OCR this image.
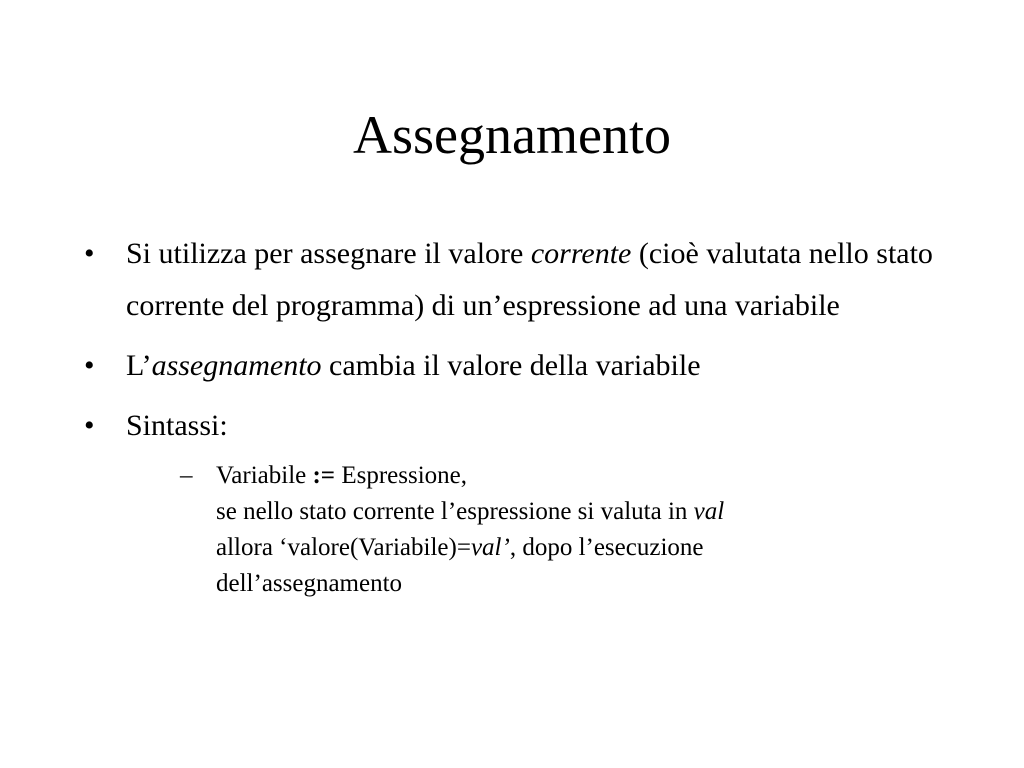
Assegnamento
•	Si utilizza per assegnare il valore corrente (cioè valutata nello stato corrente del programma) di un’espressione ad una variabile
•	L’assegnamento cambia il valore della variabile
•	Sintassi:
– Variabile := Espressione,
se nello stato corrente l’espressione si valuta in val
allora ‘valore(Variabile)=val’, dopo l’esecuzione
dell’assegnamento
